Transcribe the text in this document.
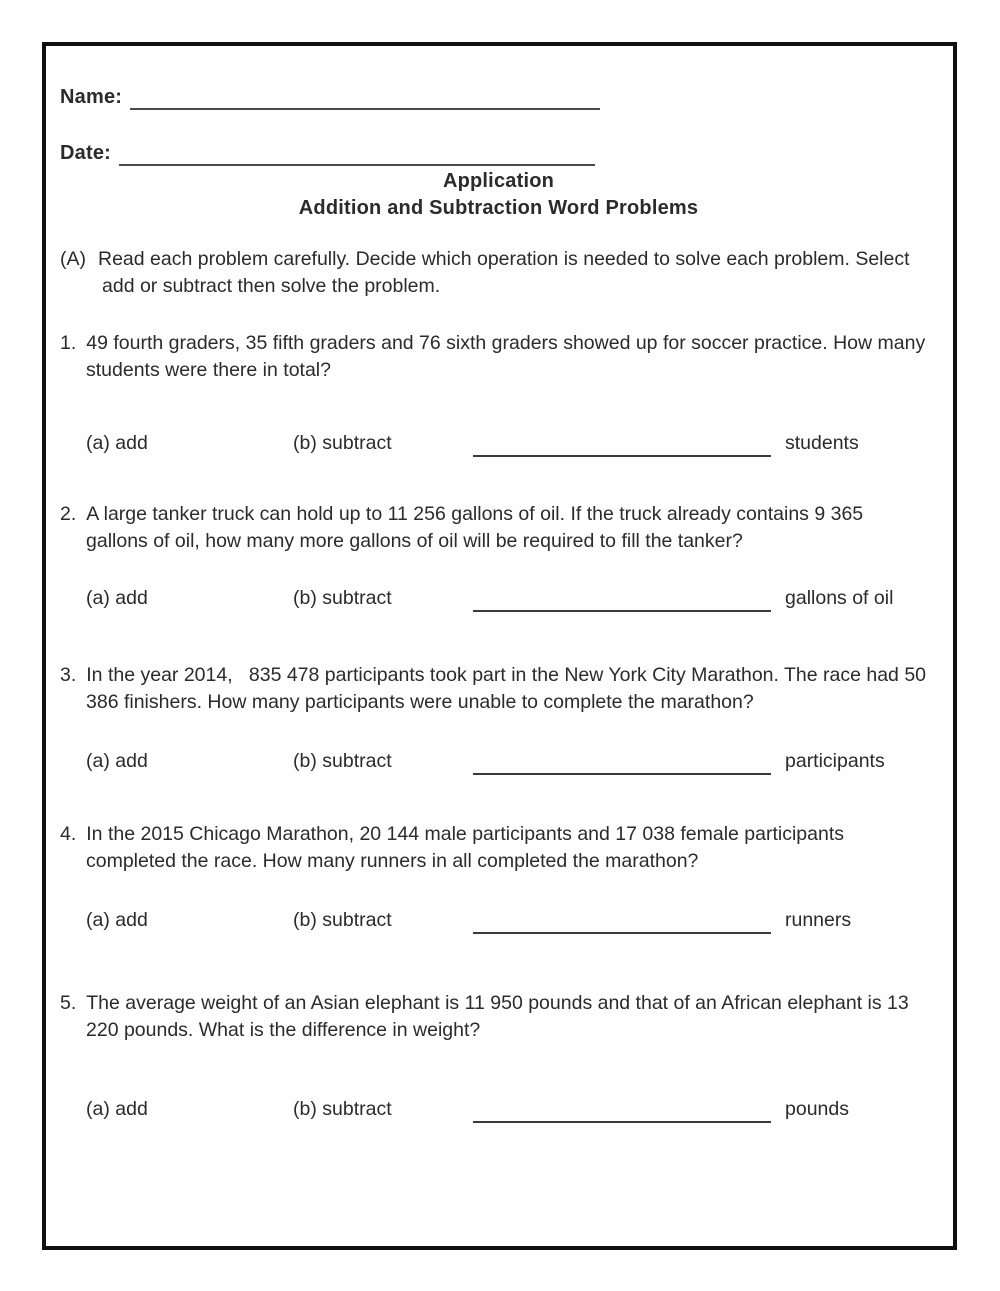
Name:
Date:
Application
Addition and Subtraction Word Problems
(A) Read each problem carefully. Decide which operation is needed to solve each problem. Select add or subtract then solve the problem.
1. 49 fourth graders, 35 fifth graders and 76 sixth graders showed up for soccer practice. How many students were there in total?
(a) add	(b) subtract	students
2. A large tanker truck can hold up to 11 256 gallons of oil. If the truck already contains 9 365  gallons of oil, how many more gallons of oil will be required to fill the tanker?
(a) add	(b) subtract	gallons of oil
3. In the year 2014,   835 478 participants took part in the New York City Marathon. The race had 50 386 finishers. How many participants were unable to complete the marathon?
(a) add	(b) subtract	participants
4. In the 2015 Chicago Marathon, 20 144 male participants and 17 038 female participants completed the race. How many runners in all completed the marathon?
(a) add	(b) subtract	runners
5. The average weight of an Asian elephant is 11 950 pounds and that of an African elephant is 13 220 pounds. What is the difference in weight?
(a) add	(b) subtract	pounds
